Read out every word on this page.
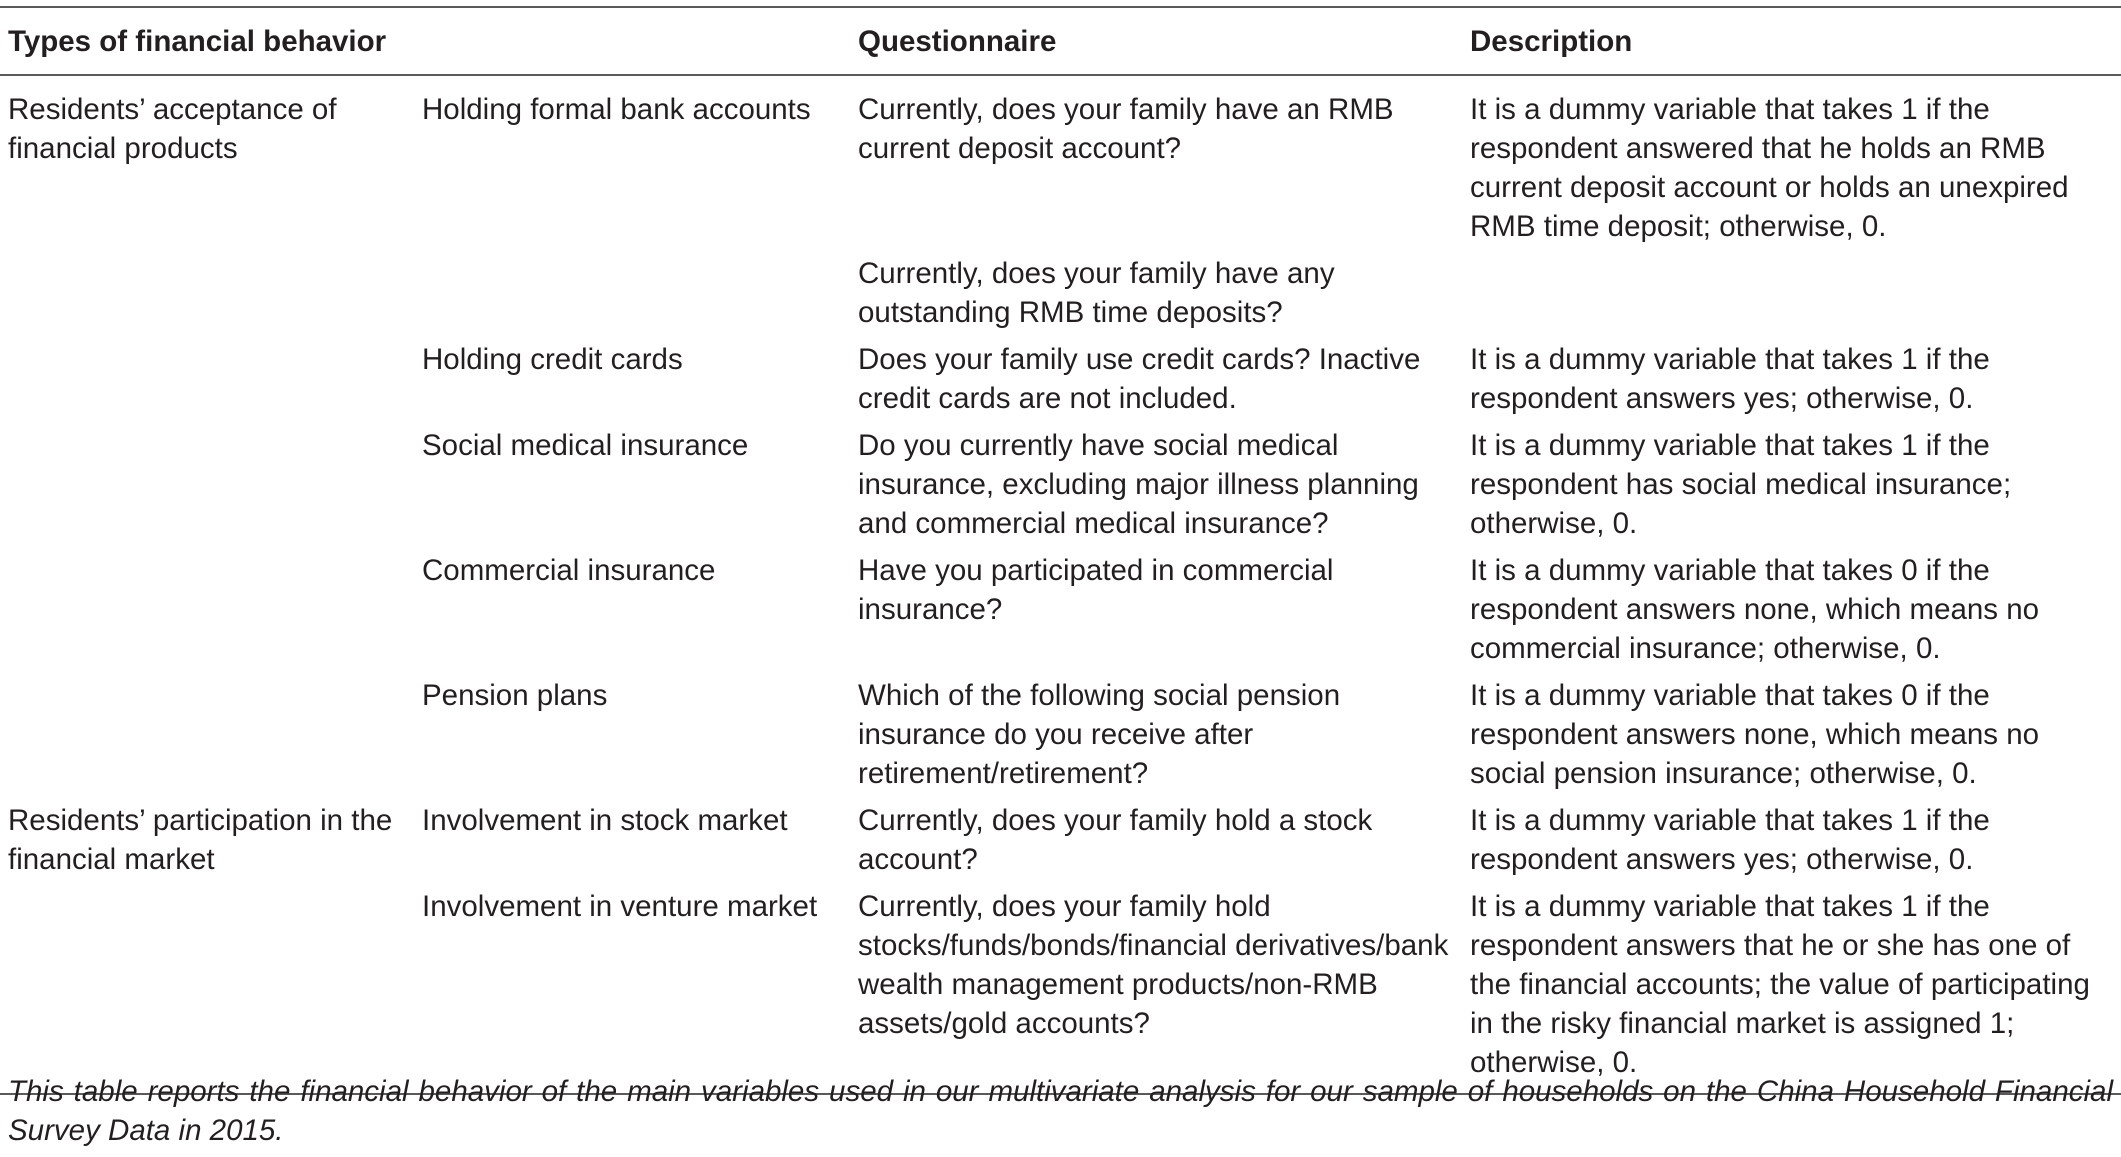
Types of financial behavior		Questionnaire	Description
Residents’ acceptance of financial products	Holding formal bank accounts	Currently, does your family have an RMB current deposit account?	It is a dummy variable that takes 1 if the respondent answered that he holds an RMB current deposit account or holds an unexpired RMB time deposit; otherwise, 0.
		Currently, does your family have any outstanding RMB time deposits?	
	Holding credit cards	Does your family use credit cards? Inactive credit cards are not included.	It is a dummy variable that takes 1 if the respondent answers yes; otherwise, 0.
	Social medical insurance	Do you currently have social medical insurance, excluding major illness planning and commercial medical insurance?	It is a dummy variable that takes 1 if the respondent has social medical insurance; otherwise, 0.
	Commercial insurance	Have you participated in commercial insurance?	It is a dummy variable that takes 0 if the respondent answers none, which means no commercial insurance; otherwise, 0.
	Pension plans	Which of the following social pension insurance do you receive after retirement/retirement?	It is a dummy variable that takes 0 if the respondent answers none, which means no social pension insurance; otherwise, 0.
Residents’ participation in the financial market	Involvement in stock market	Currently, does your family hold a stock account?	It is a dummy variable that takes 1 if the respondent answers yes; otherwise, 0.
	Involvement in venture market	Currently, does your family hold stocks/funds/bonds/financial derivatives/bank wealth management products/non-RMB assets/gold accounts?	It is a dummy variable that takes 1 if the respondent answers that he or she has one of the financial accounts; the value of participating in the risky financial market is assigned 1; otherwise, 0.
This table reports the financial behavior of the main variables used in our multivariate analysis for our sample of households on the China Household Financial Survey Data in 2015.
